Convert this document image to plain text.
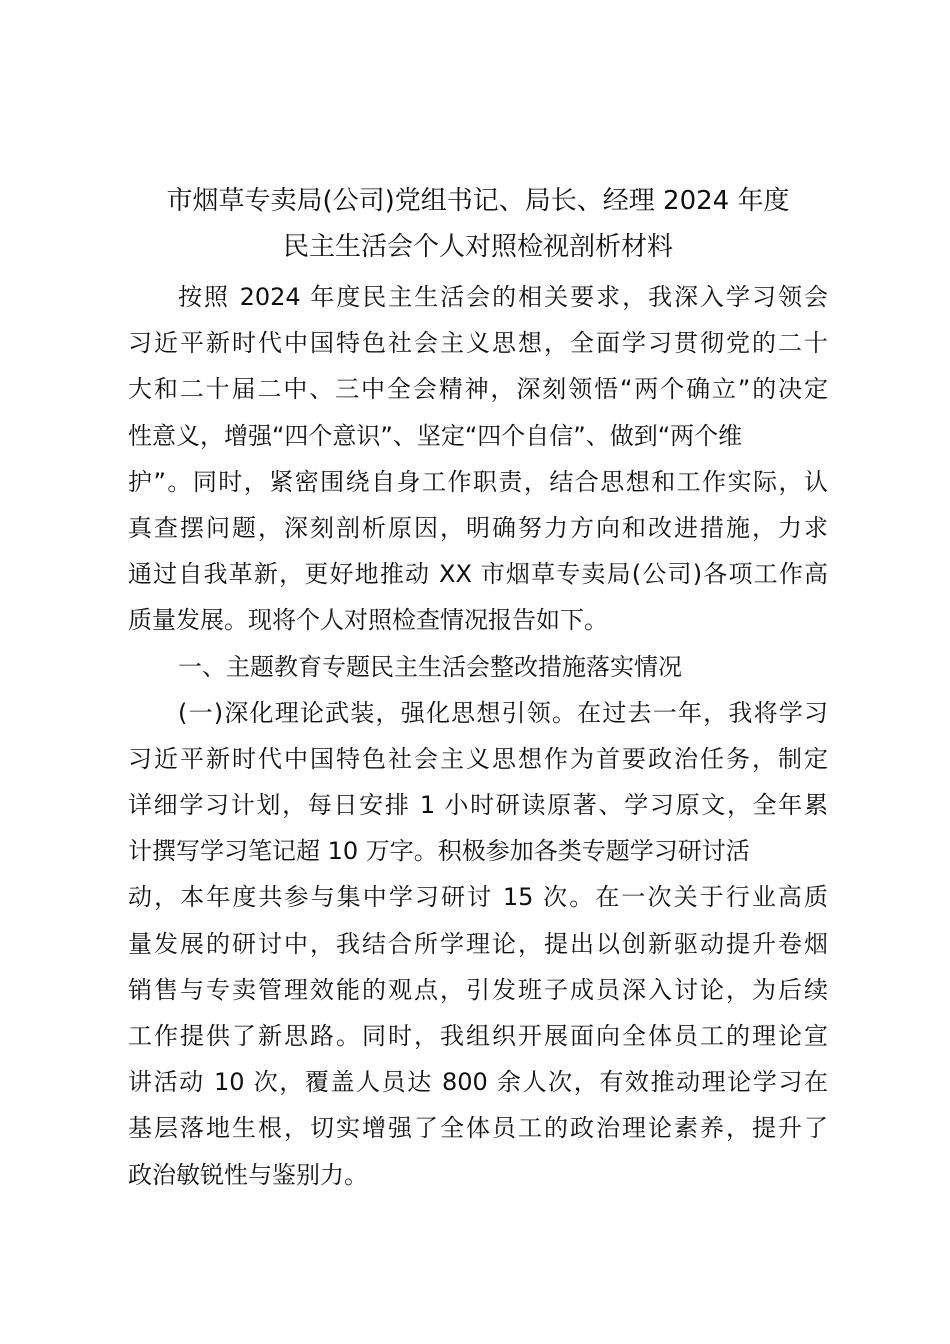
市烟草专卖局(公司)党组书记、局长、经理 2024 年度
民主生活会个人对照检视剖析材料
按照 2024 年度民主生活会的相关要求，我深入学习领会
习近平新时代中国特色社会主义思想，全面学习贯彻党的二十
大和二十届二中、三中全会精神，深刻领悟“两个确立”的决定
性意义，增强“四个意识”、坚定“四个自信”、做到“两个维
护”。同时，紧密围绕自身工作职责，结合思想和工作实际，认
真查摆问题，深刻剖析原因，明确努力方向和改进措施，力求
通过自我革新，更好地推动 XX 市烟草专卖局(公司)各项工作高
质量发展。现将个人对照检查情况报告如下。
一、主题教育专题民主生活会整改措施落实情况
(一)深化理论武装，强化思想引领。在过去一年，我将学习
习近平新时代中国特色社会主义思想作为首要政治任务，制定
详细学习计划，每日安排 1 小时研读原著、学习原文，全年累
计撰写学习笔记超 10 万字。积极参加各类专题学习研讨活
动，本年度共参与集中学习研讨 15 次。在一次关于行业高质
量发展的研讨中，我结合所学理论，提出以创新驱动提升卷烟
销售与专卖管理效能的观点，引发班子成员深入讨论，为后续
工作提供了新思路。同时，我组织开展面向全体员工的理论宣
讲活动 10 次，覆盖人员达 800 余人次，有效推动理论学习在
基层落地生根，切实增强了全体员工的政治理论素养，提升了
政治敏锐性与鉴别力。
